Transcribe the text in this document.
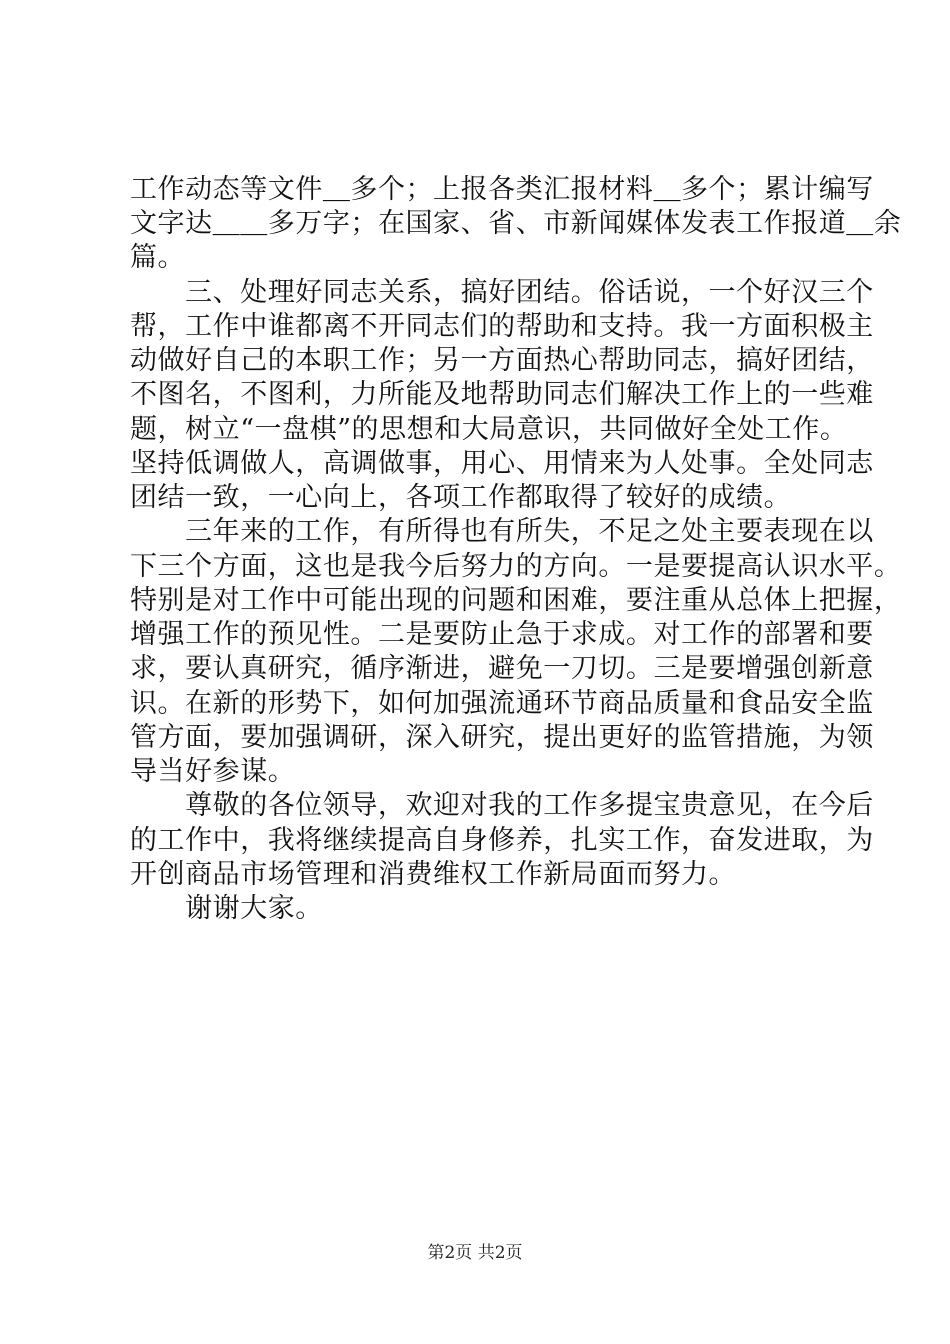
工作动态等文件＿多个；上报各类汇报材料＿多个；累计编写
文字达＿＿多万字；在国家、省、市新闻媒体发表工作报道＿余
篇。
　　三、处理好同志关系，搞好团结。俗话说，一个好汉三个
帮，工作中谁都离不开同志们的帮助和支持。我一方面积极主
动做好自己的本职工作；另一方面热心帮助同志，搞好团结，
不图名，不图利，力所能及地帮助同志们解决工作上的一些难
题，树立“一盘棋”的思想和大局意识，共同做好全处工作。
坚持低调做人，高调做事，用心、用情来为人处事。全处同志
团结一致，一心向上，各项工作都取得了较好的成绩。
　　三年来的工作，有所得也有所失，不足之处主要表现在以
下三个方面，这也是我今后努力的方向。一是要提高认识水平。
特别是对工作中可能出现的问题和困难，要注重从总体上把握，
增强工作的预见性。二是要防止急于求成。对工作的部署和要
求，要认真研究，循序渐进，避免一刀切。三是要增强创新意
识。在新的形势下，如何加强流通环节商品质量和食品安全监
管方面，要加强调研，深入研究，提出更好的监管措施，为领
导当好参谋。
　　尊敬的各位领导，欢迎对我的工作多提宝贵意见，在今后
的工作中，我将继续提高自身修养，扎实工作，奋发进取，为
开创商品市场管理和消费维权工作新局面而努力。
　　谢谢大家。
第2页 共2页
